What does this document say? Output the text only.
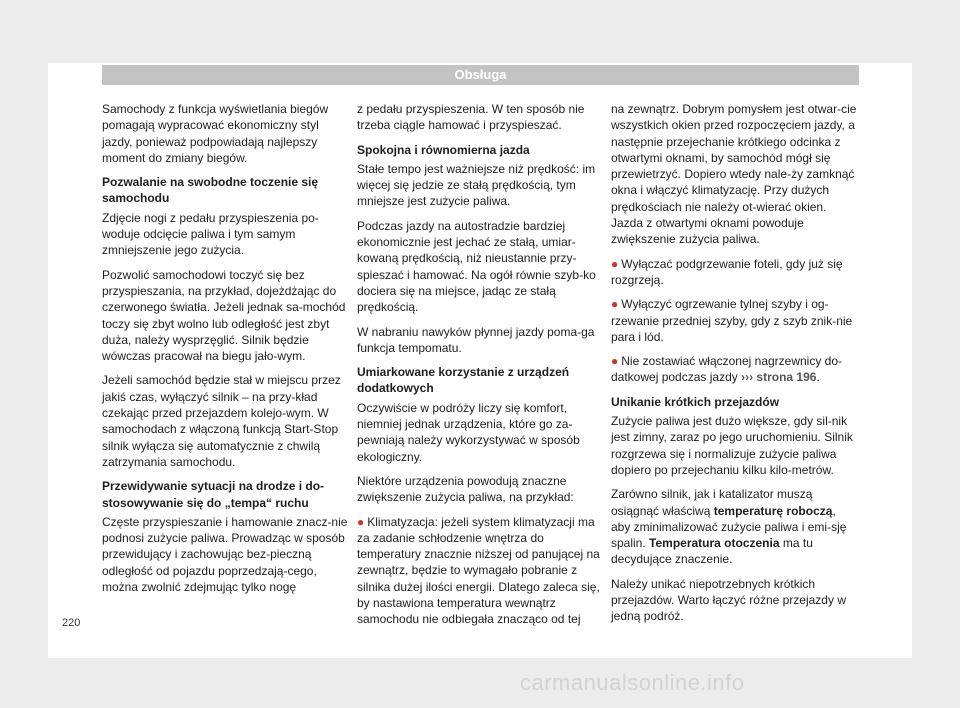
Obsługa

Samochody z funkcja wyświetlania biegów pomagają wypracować ekonomiczny styl jazdy, ponieważ podpowiadają najlepszy moment do zmiany biegów.

Pozwalanie na swobodne toczenie się samochodu

Zdjęcie nogi z pedału przyspieszenia po-woduje odcięcie paliwa i tym samym zmniejszenie jego zużycia.

Pozwolić samochodowi toczyć się bez przyspieszania, na przykład, dojeżdżając do czerwonego światła. Jeżeli jednak sa-mochód toczy się zbyt wolno lub odległość jest zbyt duża, należy wysprzęglić. Silnik będzie wówczas pracował na biegu jało-wym.

Jeżeli samochód będzie stał w miejscu przez jakiś czas, wyłączyć silnik – na przy-kład czekając przed przejazdem kolejo-wym. W samochodach z włączoną funkcją Start-Stop silnik wyłącza się automatycznie z chwilą zatrzymania samochodu.

Przewidywanie sytuacji na drodze i do-stosowywanie się do „tempa“ ruchu

Częste przyspieszanie i hamowanie znacz-nie podnosi zużycie paliwa. Prowadząc w sposób przewidujący i zachowując bez-pieczną odległość od pojazdu poprzedzają-cego, można zwolnić zdejmując tylko nogę

z pedału przyspieszenia. W ten sposób nie trzeba ciągle hamować i przyspieszać.

Spokojna i równomierna jazda

Stałe tempo jest ważniejsze niż prędkość: im więcej się jedzie ze stałą prędkością, tym mniejsze jest zużycie paliwa.

Podczas jazdy na autostradzie bardziej ekonomicznie jest jechać ze stałą, umiar-kowaną prędkością, niż nieustannie przy-spieszać i hamować. Na ogół równie szyb-ko dociera się na miejsce, jadąc ze stałą prędkością.

W nabraniu nawyków płynnej jazdy poma-ga funkcja tempomatu.

Umiarkowane korzystanie z urządzeń dodatkowych

Oczywiście w podróży liczy się komfort, niemniej jednak urządzenia, które go za-pewniają należy wykorzystywać w sposób ekologiczny.

Niektóre urządzenia powodują znaczne zwiększenie zużycia paliwa, na przykład:

● Klimatyzacja: jeżeli system klimatyzacji ma za zadanie schłodzenie wnętrza do temperatury znacznie niższej od panującej na zewnątrz, będzie to wymagało pobranie z silnika dużej ilości energii. Dlatego zaleca się, by nastawiona temperatura wewnątrz samochodu nie odbiegała znacząco od tej

na zewnątrz. Dobrym pomysłem jest otwar-cie wszystkich okien przed rozpoczęciem jazdy, a następnie przejechanie krótkiego odcinka z otwartymi oknami, by samochód mógł się przewietrzyć. Dopiero wtedy nale-ży zamknąć okna i włączyć klimatyzację. Przy dużych prędkościach nie należy ot-wierać okien. Jazda z otwartymi oknami powoduje zwiększenie zużycia paliwa.

● Wyłączać podgrzewanie foteli, gdy już się rozgrzeją.

● Wyłączyć ogrzewanie tylnej szyby i og-rzewanie przedniej szyby, gdy z szyb znik-nie para i lód.

● Nie zostawiać włączonej nagrzewnicy do-datkowej podczas jazdy ››› strona 196.

Unikanie krótkich przejazdów

Zużycie paliwa jest dużo większe, gdy sil-nik jest zimny, zaraz po jego uruchomieniu. Silnik rozgrzewa się i normalizuje zużycie paliwa dopiero po przejechaniu kilku kilo-metrów.

Zarówno silnik, jak i katalizator muszą osiągnąć właściwą temperaturę roboczą, aby zminimalizować zużycie paliwa i emi-sję spalin. Temperatura otoczenia ma tu decydujące znaczenie.

Należy unikać niepotrzebnych krótkich przejazdów. Warto łączyć różne przejazdy w jedną podróż.

220
carmanualsonline.info
